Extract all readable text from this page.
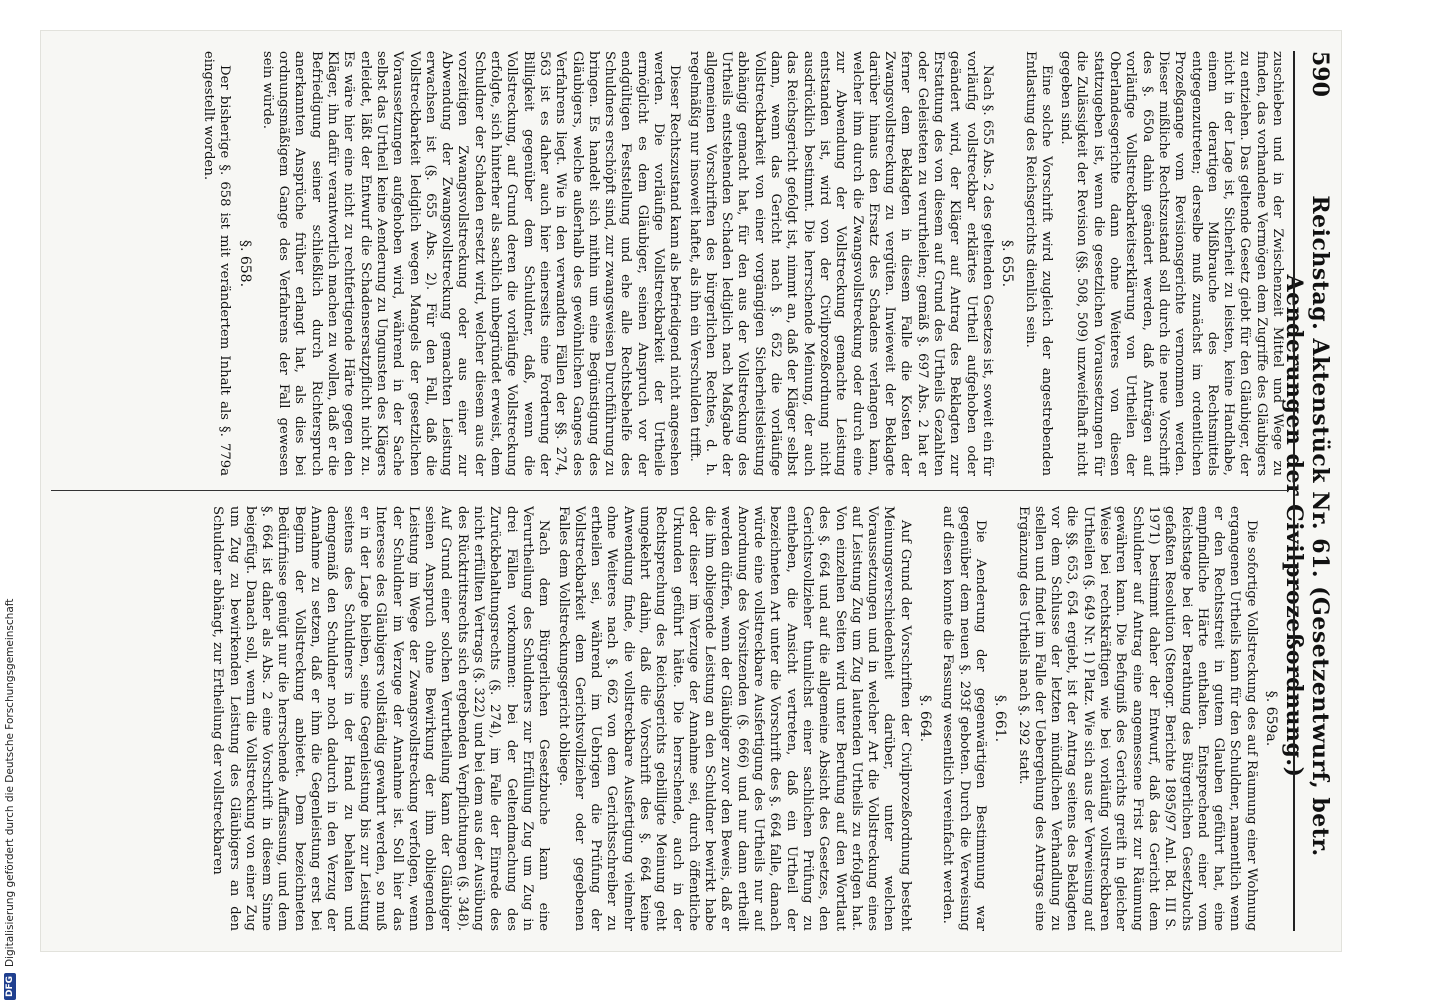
590
Reichstag. Aktenstück Nr. 61. (Gesetzentwurf, betr. Aenderungen der Civilprozeßordnung.)

zuschieben und in der Zwischenzeit Mittel und Wege zu finden, das vorhandene Vermögen dem Zugriffe des Gläubigers zu entziehen. Das geltende Gesetz giebt für den Gläubiger, der nicht in der Lage ist, Sicherheit zu leisten, keine Handhabe, einem derartigen Mißbrauche des Rechtsmittels entgegenzutreten; derselbe muß zunächst im ordentlichen Prozeßgange vom Revisionsgerichte vernommen werden. Dieser mißliche Rechtszustand soll durch die neue Vorschrift des §. 650a dahin geändert werden, daß Anträgen auf vorläufige Vollstreckbarkeitserklärung von Urtheilen der Oberlandesgerichte dann ohne Weiteres von diesen stattzugeben ist, wenn die gesetzlichen Voraussetzungen für die Zulässigkeit der Revision (§§. 508, 509) unzweifelhaft nicht gegeben sind.

Eine solche Vorschrift wird zugleich der angestrebenden Entlastung des Reichsgerichts dienlich sein.

§. 655.

Nach §. 655 Abs. 2 des geltenden Gesetzes ist, soweit ein für vorläufig vollstreckbar erklärtes Urtheil aufgehoben oder geändert wird, der Kläger auf Antrag des Beklagten zur Erstattung des von diesem auf Grund des Urtheils Gezahlten oder Geleisteten zu verurtheilen; gemäß §. 697 Abs. 2 hat er ferner dem Beklagten in diesem Falle die Kosten der Zwangsvollstreckung zu vergüten. Inwieweit der Beklagte darüber hinaus den Ersatz des Schadens verlangen kann, welcher ihm durch die Zwangsvollstreckung oder durch eine zur Abwendung der Vollstreckung gemachte Leistung entstanden ist, wird von der Civilprozeßordnung nicht ausdrücklich bestimmt. Die herrschende Meinung, der auch das Reichsgericht gefolgt ist, nimmt an, daß der Kläger selbst dann, wenn das Gericht nach §. 652 die vorläufige Vollstreckbarkeit von einer vorgängigen Sicherheitsleistung abhängig gemacht hat, für den aus der Vollstreckung des Urtheils entstehenden Schaden lediglich nach Maßgabe der allgemeinen Vorschriften des bürgerlichen Rechtes, d. h. regelmäßig nur insoweit haftet, als ihn ein Verschulden trifft.

Dieser Rechtszustand kann als befriedigend nicht angesehen werden. Die vorläufige Vollstreckbarkeit der Urtheile ermöglicht es dem Gläubiger, seinen Anspruch vor der endgültigen Feststellung und ehe alle Rechtsbehelfe des Schuldners erschöpft sind, zur zwangsweisen Durchführung zu bringen. Es handelt sich mithin um eine Begünstigung des Gläubigers, welche außerhalb des gewöhnlichen Ganges des Verfahrens liegt. Wie in den verwandten Fällen der §§. 274, 563 ist es daher auch hier einerseits eine Forderung der Billigkeit gegenüber dem Schuldner, daß, wenn die Vollstreckung, auf Grund deren die vorläufige Vollstreckung erfolgte, sich hinterher als sachlich unbegründet erweist, dem Schuldner der Schaden ersetzt wird, welcher diesem aus der vorzeitigen Zwangsvollstreckung oder aus einer zur Abwendung der Zwangsvollstreckung gemachten Leistung erwachsen ist (§. 655 Abs. 2). Für den Fall, daß die Vollstreckbarkeit lediglich wegen Mangels der gesetzlichen Voraussetzungen aufgehoben wird, während in der Sache selbst das Urtheil keine Aenderung zu Ungunsten des Klägers erleidet, läßt der Entwurf die Schadensersatzpflicht nicht zu. Es wäre hier eine nicht zu rechtfertigende Härte gegen den Kläger, ihn dafür verantwortlich machen zu wollen, daß er die Befriedigung seiner schließlich durch Richterspruch anerkannten Ansprüche früher erlangt hat, als dies bei ordnungsmäßigem Gange des Verfahrens der Fall gewesen sein würde.

§. 658.

Der bisherige §. 658 ist mit verändertem Inhalt als §. 779a eingestellt worden.

§. 659a.

Die sofortige Vollstreckung des auf Räumung einer Wohnung ergangenen Urtheils kann für den Schuldner, namentlich wenn er den Rechtsstreit in gutem Glauben geführt hat, eine empfindliche Härte enthalten. Entsprechend einer vom Reichstage bei der Berathung des Bürgerlichen Gesetzbuchs gefaßten Resolution (Stenogr. Berichte 1895/97 Anl. Bd. III S. 1971) bestimmt daher der Entwurf, daß das Gericht dem Schuldner auf Antrag eine angemessene Frist zur Räumung gewähren kann. Die Befugniß des Gerichts greift in gleicher Weise bei rechtskräftigen wie bei vorläufig vollstreckbaren Urtheilen (§. 649 Nr. 1) Platz. Wie sich aus der Verweisung auf die §§. 653, 654 ergiebt, ist der Antrag seitens des Beklagten vor dem Schlusse der letzten mündlichen Verhandlung zu stellen und findet im Falle der Uebergehung des Antrags eine Ergänzung des Urtheils nach §. 292 statt.

§. 661.

Die Aenderung der gegenwärtigen Bestimmung war gegenüber dem neuen §. 293f geboten. Durch die Verweisung auf diesen konnte die Fassung wesentlich vereinfacht werden.

§. 664.

Auf Grund der Vorschriften der Civilprozeßordnung besteht Meinungsverschiedenheit darüber, unter welchen Voraussetzungen und in welcher Art die Vollstreckung eines auf Leistung Zug um Zug lautenden Urtheils zu erfolgen hat. Von einzelnen Seiten wird unter Berufung auf den Wortlaut des §. 664 und auf die allgemeine Absicht des Gesetzes, den Gerichtsvollzieher thunlichst einer sachlichen Prüfung zu entheben, die Ansicht vertreten, daß ein Urtheil der bezeichneten Art unter die Vorschrift des §. 664 falle, danach würde eine vollstreckbare Ausfertigung des Urtheils nur auf Anordnung des Vorsitzenden (§. 666) und nur dann ertheilt werden dürfen, wenn der Gläubiger zuvor den Beweis, daß er die ihm obliegende Leistung an den Schuldner bewirkt habe oder dieser im Verzuge der Annahme sei, durch öffentliche Urkunden geführt hätte. Die herrschende, auch in der Rechtsprechung des Reichsgerichts gebilligte Meinung geht umgekehrt dahin, daß die Vorschrift des §. 664 keine Anwendung finde, die vollstreckbare Ausfertigung vielmehr ohne Weiteres nach §. 662 von dem Gerichtsschreiber zu ertheilen sei, während im Uebrigen die Prüfung der Vollstreckbarkeit dem Gerichtsvollzieher oder gegebenen Falles dem Vollstreckungsgericht obliege.

Nach dem Bürgerlichen Gesetzbuche kann eine Verurtheilung des Schuldners zur Erfüllung Zug um Zug in drei Fällen vorkommen: bei der Geltendmachung des Zurückbehaltungsrechts (§. 274), im Falle der Einrede des nicht erfüllten Vertrags (§. 322) und bei dem aus der Ausübung des Rücktrittsrechts sich ergebenden Verpflichtungen (§. 348). Auf Grund einer solchen Verurtheilung kann der Gläubiger seinen Anspruch ohne Bewirkung der ihm obliegenden Leistung im Wege der Zwangsvollstreckung verfolgen, wenn der Schuldner im Verzuge der Annahme ist. Soll hier das Interesse des Gläubigers vollständig gewahrt werden, so muß er in der Lage bleiben, seine Gegenleistung bis zur Leistung seitens des Schuldners in der Hand zu behalten und demgemäß den Schuldner noch dadurch in den Verzug der Annahme zu setzen, daß er ihm die Gegenleistung erst bei Beginn der Vollstreckung anbietet. Dem bezeichneten Bedürfnisse genügt nur die herrschende Auffassung, und dem §. 664 ist daher als Abs. 2 eine Vorschrift in diesem Sinne beigefügt. Danach soll, wenn die Vollstreckung von einer Zug um Zug zu bewirkenden Leistung des Gläubigers an den Schuldner abhängt, zur Ertheilung der vollstreckbaren

DFG
Digitalisierung gefördert durch die Deutsche Forschungsgemeinschaft
